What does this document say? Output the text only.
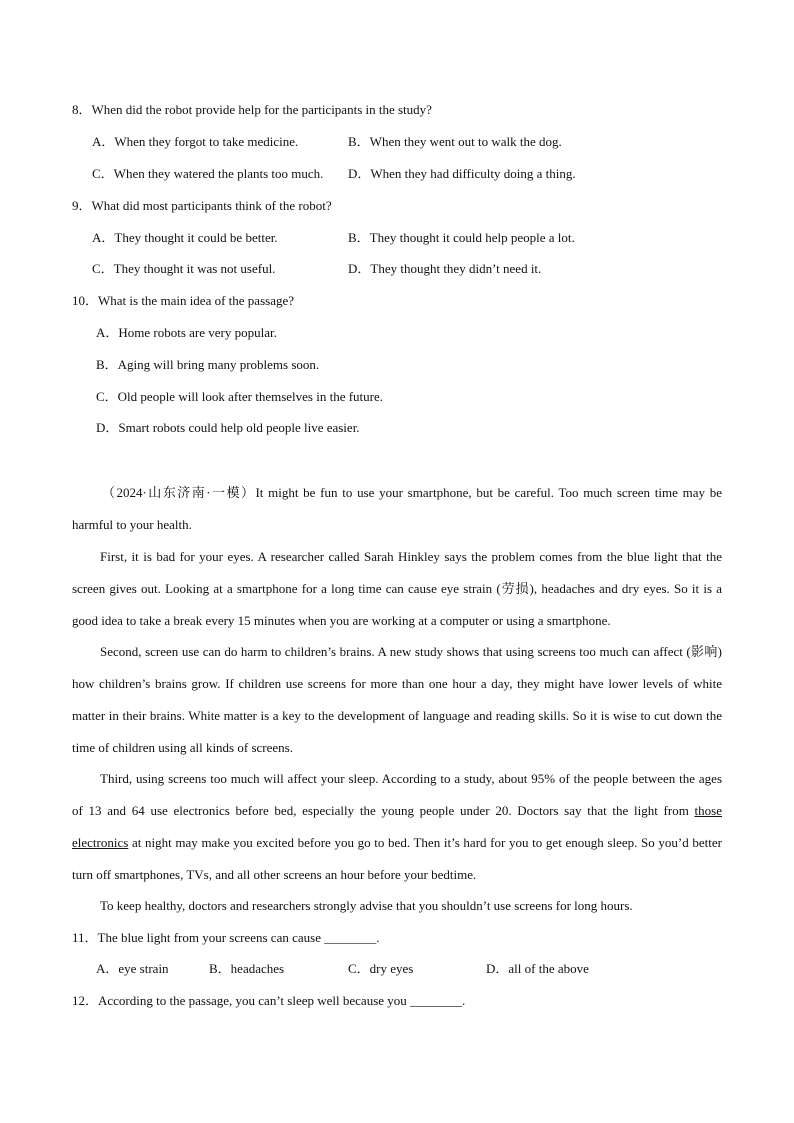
8．When did the robot provide help for the participants in the study?
A．When they forgot to take medicine.	B．When they went out to walk the dog.
C．When they watered the plants too much. D．When they had difficulty doing a thing.
9．What did most participants think of the robot?
A．They thought it could be better.	B．They thought it could help people a lot.
C．They thought it was not useful.	D．They thought they didn’t need it.
10．What is the main idea of the passage?
A．Home robots are very popular.
B．Aging will bring many problems soon.
C．Old people will look after themselves in the future.
D．Smart robots could help old people live easier.
（2024·山东济南·一模）It might be fun to use your smartphone, but be careful. Too much screen time may be harmful to your health.
First, it is bad for your eyes. A researcher called Sarah Hinkley says the problem comes from the blue light that the screen gives out. Looking at a smartphone for a long time can cause eye strain (劳损), headaches and dry eyes. So it is a good idea to take a break every 15 minutes when you are working at a computer or using a smartphone.
Second, screen use can do harm to children’s brains. A new study shows that using screens too much can affect (影响) how children’s brains grow. If children use screens for more than one hour a day, they might have lower levels of white matter in their brains. White matter is a key to the development of language and reading skills. So it is wise to cut down the time of children using all kinds of screens.
Third, using screens too much will affect your sleep. According to a study, about 95% of the people between the ages of 13 and 64 use electronics before bed, especially the young people under 20. Doctors say that the light from those electronics at night may make you excited before you go to bed. Then it’s hard for you to get enough sleep. So you’d better turn off smartphones, TVs, and all other screens an hour before your bedtime.
To keep healthy, doctors and researchers strongly advise that you shouldn’t use screens for long hours.
11．The blue light from your screens can cause ________.
A．eye strain	B．headaches	C．dry eyes	D．all of the above
12．According to the passage, you can’t sleep well because you ________.
